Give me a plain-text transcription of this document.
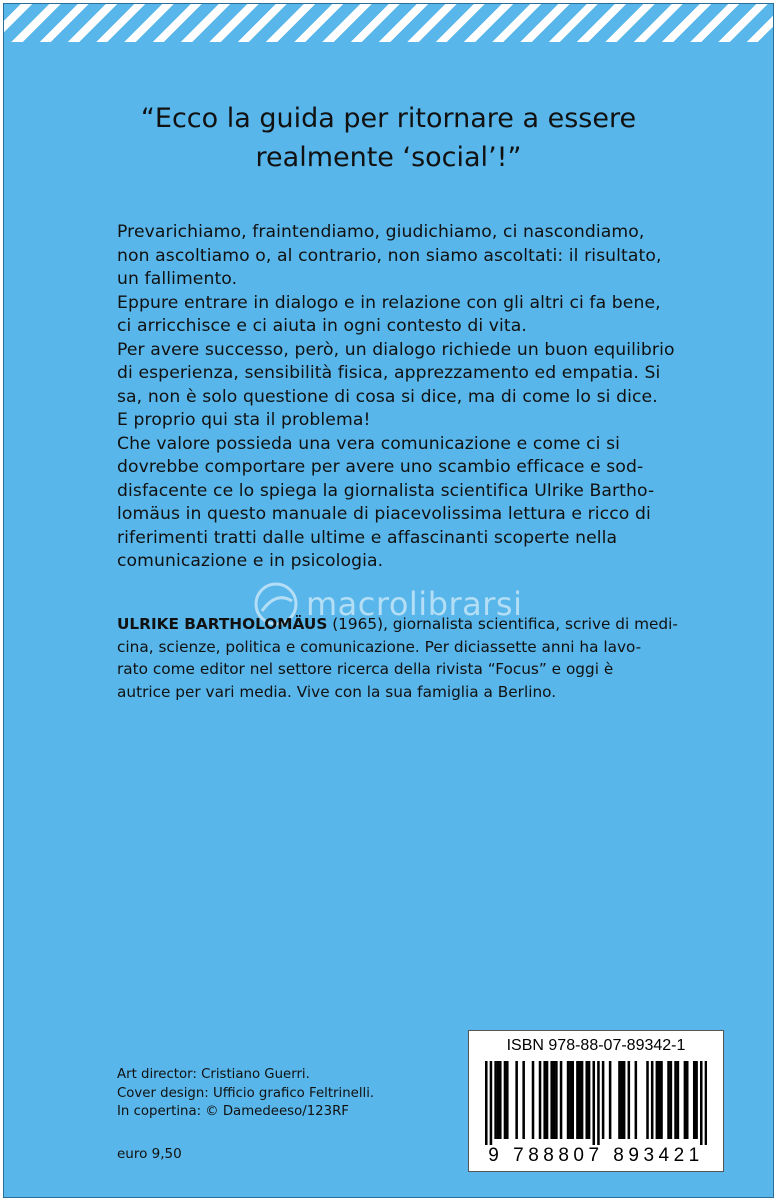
“Ecco la guida per ritornare a essere
realmente ‘social’!”

Prevarichiamo, fraintendiamo, giudichiamo, ci nascondiamo,
non ascoltiamo o, al contrario, non siamo ascoltati: il risultato,
un fallimento.

Eppure entrare in dialogo e in relazione con gli altri ci fa bene,
ci arricchisce e ci aiuta in ogni contesto di vita.

Per avere successo, però, un dialogo richiede un buon equilibrio
di esperienza, sensibilità fisica, apprezzamento ed empatia. Si
sa, non è solo questione di cosa si dice, ma di come lo si dice.
E proprio qui sta il problema!

Che valore possieda una vera comunicazione e come ci si
dovrebbe comportare per avere uno scambio efficace e sod-
disfacente ce lo spiega la giornalista scientifica Ulrike Bartho-
lomäus in questo manuale di piacevolissima lettura e ricco di
riferimenti tratti dalle ultime e affascinanti scoperte nella
comunicazione e in psicologia.

macrolibrarsi
ULRIKE BARTHOLOMÄUS (1965), giornalista scientifica, scrive di medi-
cina, scienze, politica e comunicazione. Per diciassette anni ha lavo-
rato come editor nel settore ricerca della rivista “Focus” e oggi è
autrice per vari media. Vive con la sua famiglia a Berlino.
Art director: Cristiano Guerri.
Cover design: Ufficio grafico Feltrinelli.
In copertina: © Damedeeso/123RF
euro 9,50
ISBN 978-88-07-89342-1
9 788807 893421
